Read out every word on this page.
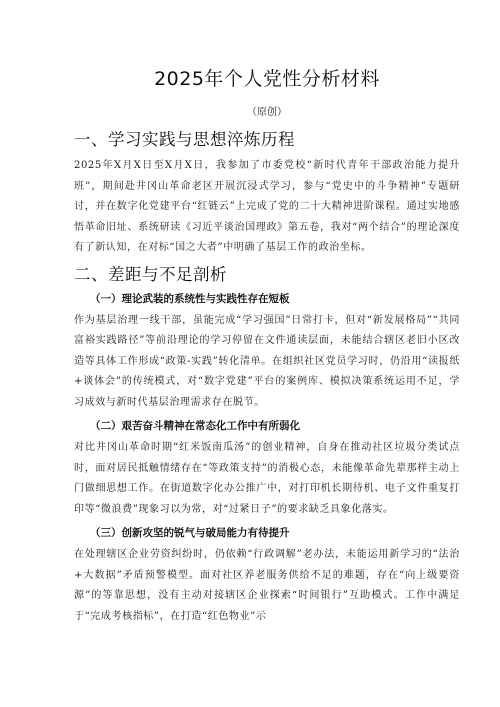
2025年个人党性分析材料
（原创）
一、学习实践与思想淬炼历程

2025年X月X日至X月X日，我参加了市委党校“新时代青年干部政治能力提升班”，期间赴井冈山革命老区开展沉浸式学习，参与“党史中的斗争精神”专题研讨，并在数字化党建平台“红链云”上完成了党的二十大精神进阶课程。通过实地感悟革命旧址、系统研读《习近平谈治国理政》第五卷，我对“两个结合”的理论深度有了新认知，在对标“国之大者”中明确了基层工作的政治坐标。

二、差距与不足剖析
（一）理论武装的系统性与实践性存在短板

作为基层治理一线干部，虽能完成“学习强国”日常打卡，但对“新发展格局”“共同富裕实践路径”等前沿理论的学习停留在文件通读层面，未能结合辖区老旧小区改造等具体工作形成“政策-实践”转化清单。在组织社区党员学习时，仍沿用“读报纸+谈体会”的传统模式，对“数字党建”平台的案例库、模拟决策系统运用不足，学习成效与新时代基层治理需求存在脱节。

（二）艰苦奋斗精神在常态化工作中有所弱化

对比井冈山革命时期“红米饭南瓜汤”的创业精神，自身在推动社区垃圾分类试点时，面对居民抵触情绪存在“等政策支持”的消极心态，未能像革命先辈那样主动上门做细思想工作。在街道数字化办公推广中，对打印机长期待机、电子文件重复打印等“微浪费”现象习以为常，对“过紧日子”的要求缺乏具象化落实。

（三）创新攻坚的锐气与破局能力有待提升

在处理辖区企业劳资纠纷时，仍依赖“行政调解”老办法，未能运用新学习的“法治+大数据”矛盾预警模型。面对社区养老服务供给不足的难题，存在“向上级要资源”的等靠思想，没有主动对接辖区企业探索“时间银行”互助模式。工作中满足于“完成考核指标”，在打造“红色物业”示
